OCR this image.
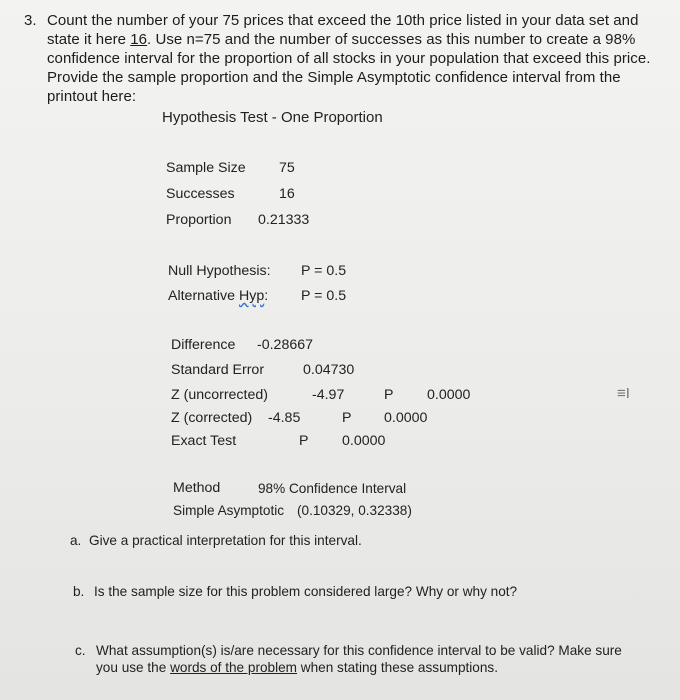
3. Count the number of your 75 prices that exceed the 10th price listed in your data set and
state it here 16. Use n=75 and the number of successes as this number to create a 98%
confidence interval for the proportion of all stocks in your population that exceed this price.
Provide the sample proportion and the Simple Asymptotic confidence interval from the
printout here:
Hypothesis Test - One Proportion
Sample Size 75
Successes	16
Proportion 0.21333
Null Hypothesis: P = 0.5
Alternative Hyp: P = 0.5
Difference -0.28667
Standard Error	0.04730
Z (uncorrected)	-4.97	P 0.0000
Z (corrected) -4.85	P 0.0000
Exact Test	P 0.0000
Method	98% Confidence Interval
Simple Asymptotic (0.10329, 0.32338)
≡I
a. Give a practical interpretation for this interval.
b. Is the sample size for this problem considered large? Why or why not?
c. What assumption(s) is/are necessary for this confidence interval to be valid? Make sure
you use the words of the problem when stating these assumptions.
